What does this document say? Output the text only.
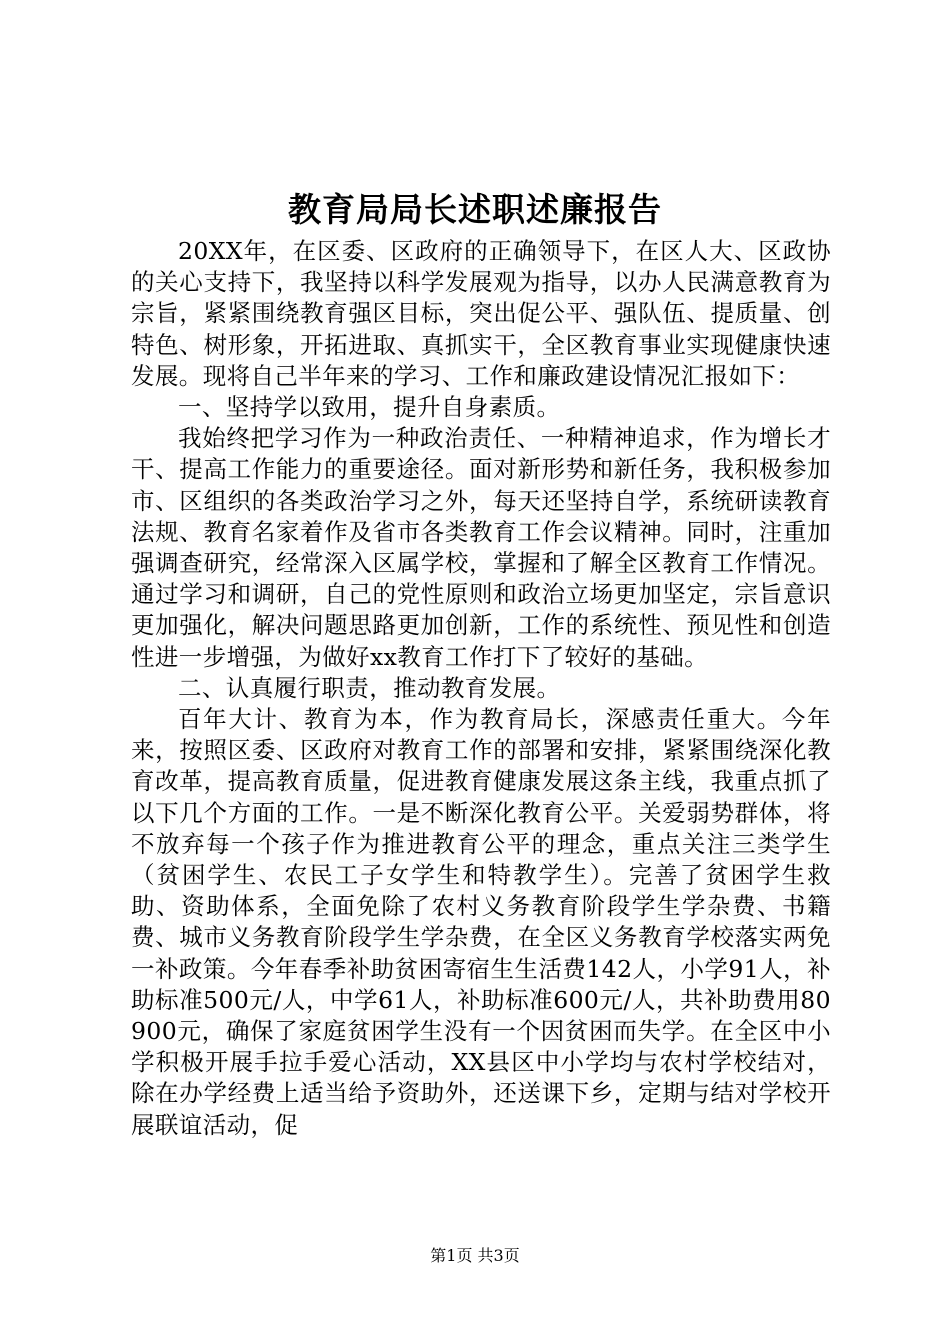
教育局局长述职述廉报告

20XX年，在区委、区政府的正确领导下，在区人大、区政协的关心支持下，我坚持以科学发展观为指导，以办人民满意教育为宗旨，紧紧围绕教育强区目标，突出促公平、强队伍、提质量、创特色、树形象，开拓进取、真抓实干，全区教育事业实现健康快速发展。现将自己半年来的学习、工作和廉政建设情况汇报如下：

一、坚持学以致用，提升自身素质。

我始终把学习作为一种政治责任、一种精神追求，作为增长才干、提高工作能力的重要途径。面对新形势和新任务，我积极参加市、区组织的各类政治学习之外，每天还坚持自学，系统研读教育法规、教育名家着作及省市各类教育工作会议精神。同时，注重加强调查研究，经常深入区属学校，掌握和了解全区教育工作情况。通过学习和调研，自己的党性原则和政治立场更加坚定，宗旨意识更加强化，解决问题思路更加创新，工作的系统性、预见性和创造性进一步增强，为做好xx教育工作打下了较好的基础。

二、认真履行职责，推动教育发展。

百年大计、教育为本，作为教育局长，深感责任重大。今年来，按照区委、区政府对教育工作的部署和安排，紧紧围绕深化教育改革，提高教育质量，促进教育健康发展这条主线，我重点抓了以下几个方面的工作。一是不断深化教育公平。关爱弱势群体，将不放弃每一个孩子作为推进教育公平的理念，重点关注三类学生（贫困学生、农民工子女学生和特教学生）。完善了贫困学生救助、资助体系，全面免除了农村义务教育阶段学生学杂费、书籍费、城市义务教育阶段学生学杂费，在全区义务教育学校落实两免一补政策。今年春季补助贫困寄宿生生活费142人，小学91人，补助标准500元/人，中学61人，补助标准600元/人，共补助费用80900元，确保了家庭贫困学生没有一个因贫困而失学。在全区中小学积极开展手拉手爱心活动，XX县区中小学均与农村学校结对，除在办学经费上适当给予资助外，还送课下乡，定期与结对学校开展联谊活动，促

第1页 共3页
